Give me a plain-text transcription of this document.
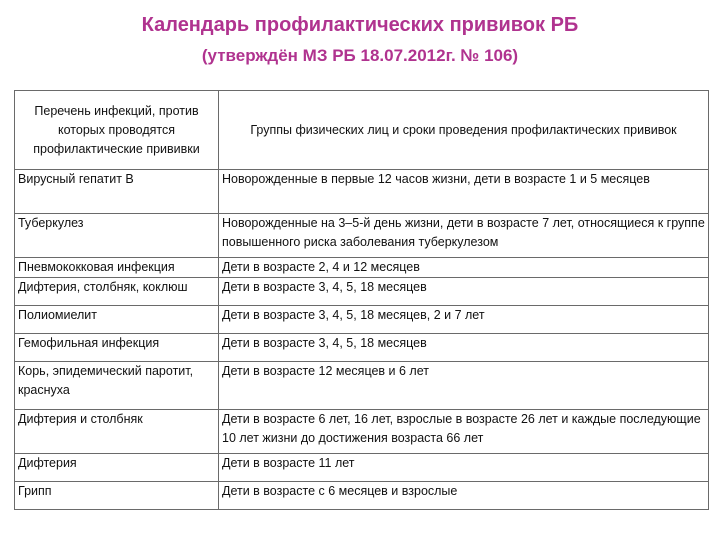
Календарь профилактических прививок РБ
(утверждён МЗ РБ 18.07.2012г. № 106)
Перечень инфекций, против которых проводятся профилактические прививки	Группы физических лиц и сроки проведения профилактических прививок
Вирусный гепатит В	Новорожденные в первые 12 часов жизни, дети в возрасте 1 и 5 месяцев
Туберкулез	Новорожденные на 3–5-й день жизни, дети в возрасте 7 лет, относящиеся к группе повышенного риска заболевания туберкулезом
Пневмококковая инфекция	Дети в возрасте 2, 4 и 12 месяцев
Дифтерия, столбняк, коклюш	Дети в возрасте 3, 4, 5, 18 месяцев
Полиомиелит	Дети в возрасте 3, 4, 5, 18 месяцев, 2 и 7 лет
Гемофильная инфекция	Дети в возрасте 3, 4, 5, 18 месяцев
Корь, эпидемический паротит, краснуха	Дети в возрасте 12 месяцев и 6 лет
Дифтерия и столбняк	Дети в возрасте 6 лет, 16 лет, взрослые в возрасте 26 лет и каждые последующие 10 лет жизни до достижения возраста 66 лет
Дифтерия	Дети в возрасте 11 лет
Грипп	Дети в возрасте с 6 месяцев и взрослые
